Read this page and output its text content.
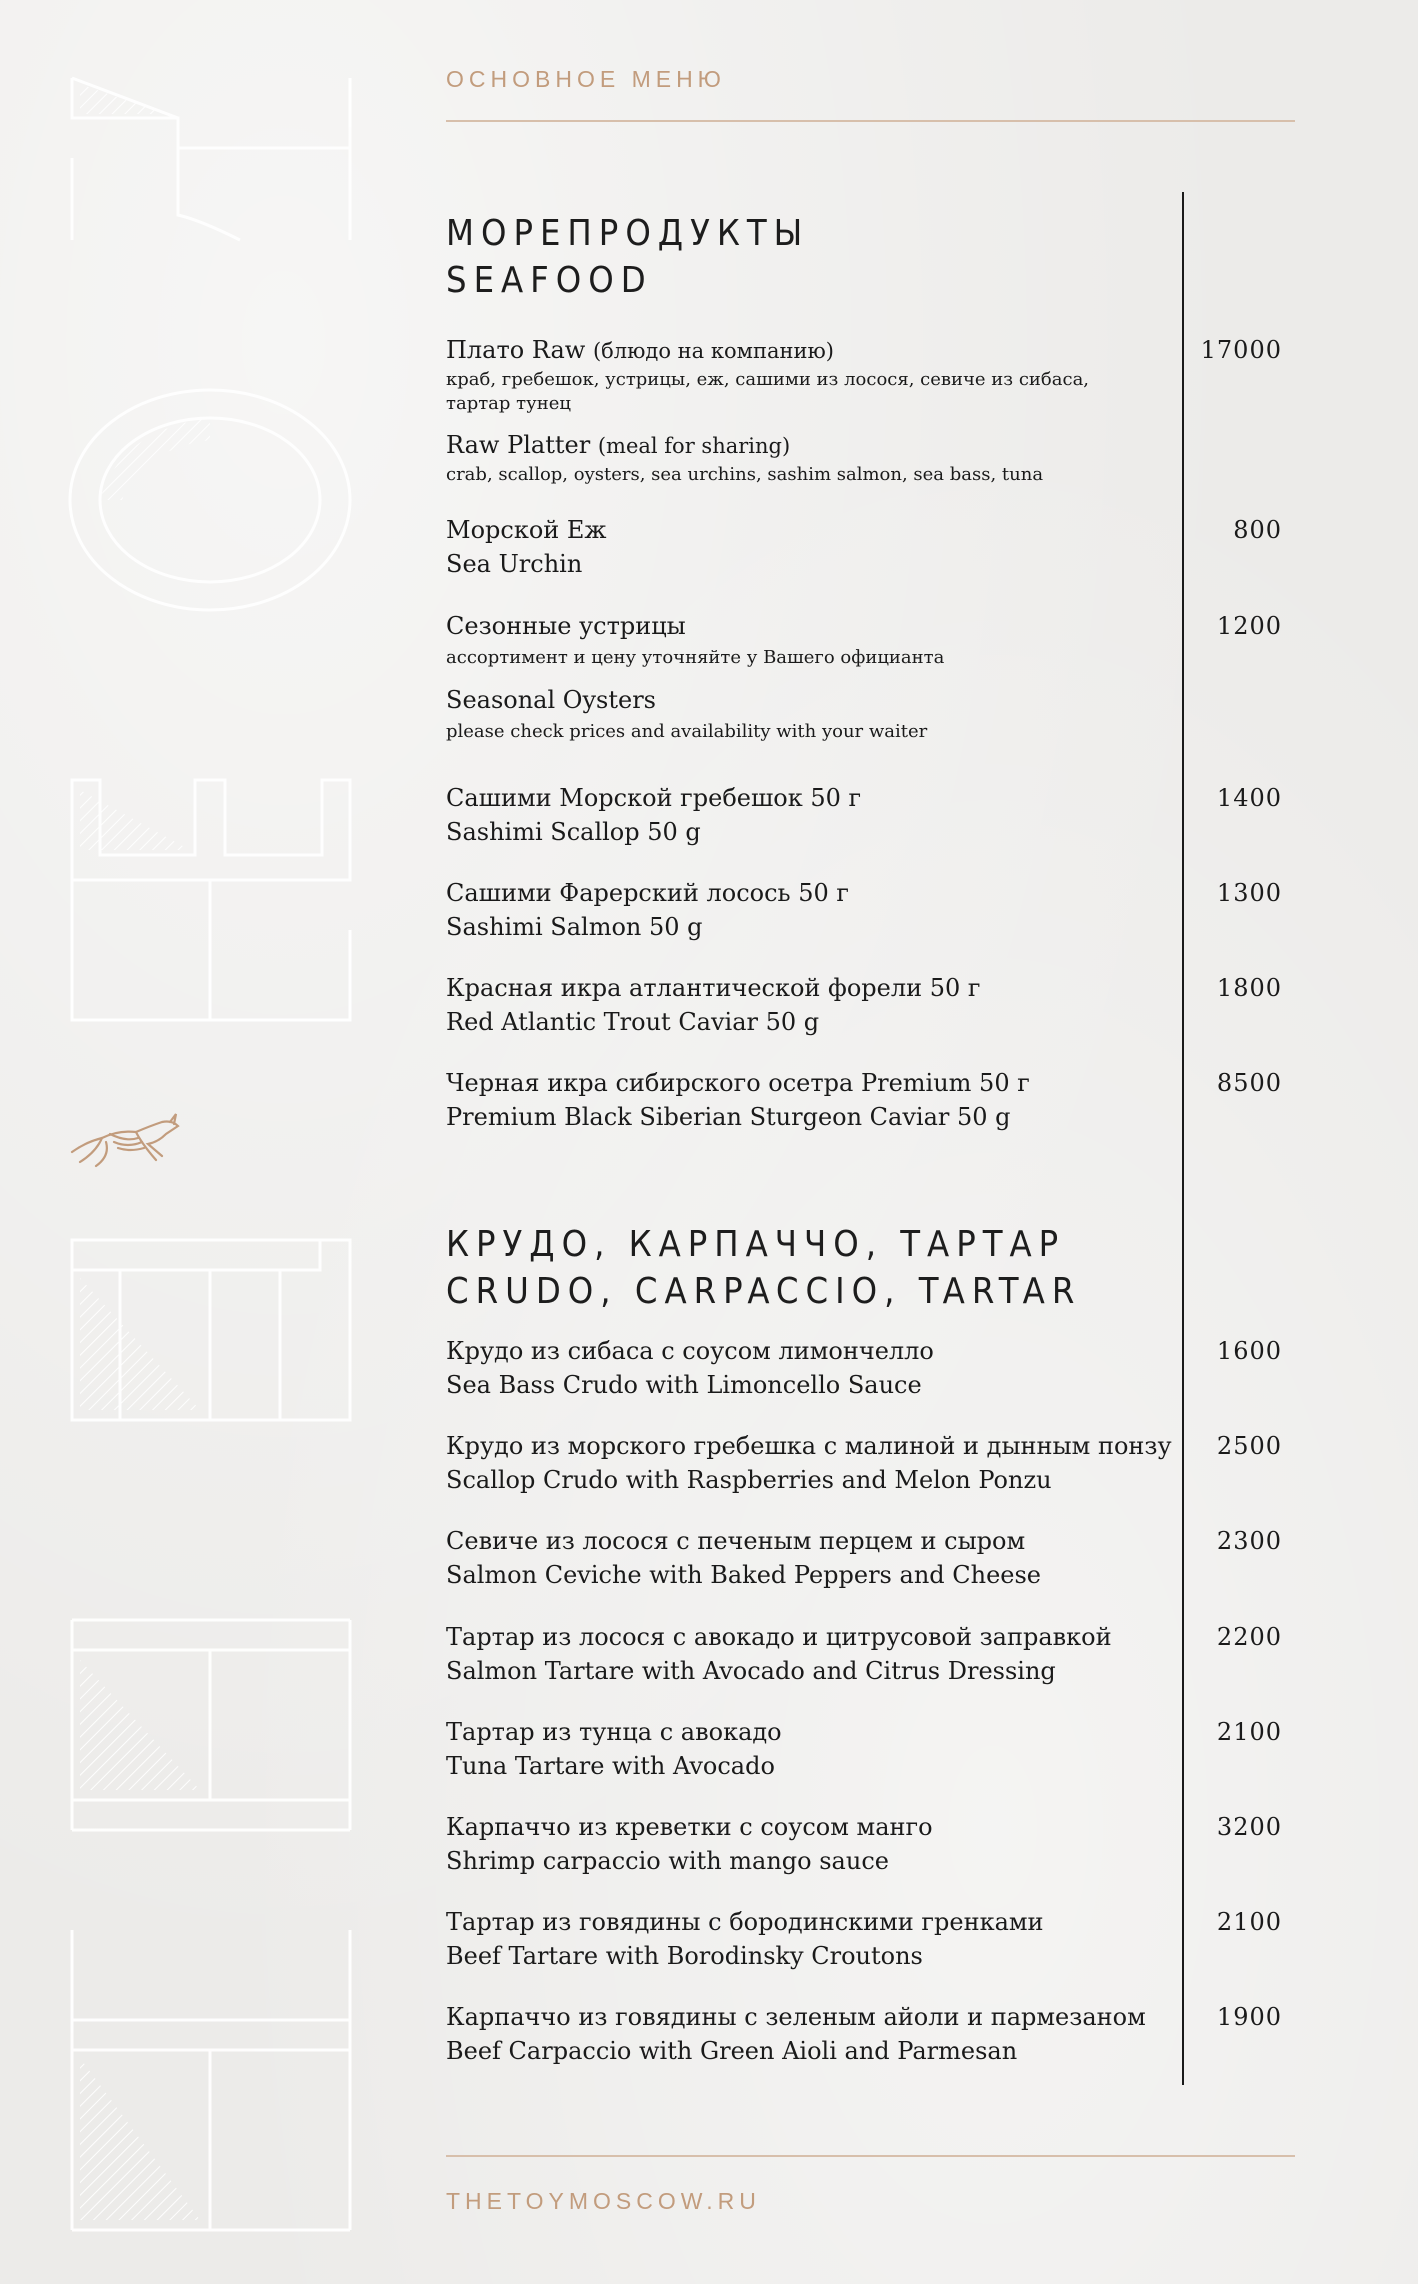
ОСНОВНОЕ МЕНЮ
МОРЕПРОДУКТЫ
SEAFOOD
Плато Raw (блюдо на компанию)
краб, гребешок, устрицы, еж, сашими из лосося, севиче из сибаса,
тартар тунец
Raw Platter (meal for sharing)
crab, scallop, oysters, sea urchins, sashim salmon, sea bass, tuna
17000
Морской Еж
Sea Urchin
800
Сезонные устрицы
ассортимент и цену уточняйте у Вашего официанта
Seasonal Oysters
please check prices and availability with your waiter
1200
Сашими Морской гребешок 50 г
Sashimi Scallop 50 g
1400
Сашими Фарерский лосось 50 г
Sashimi Salmon 50 g
1300
Красная икра атлантической форели 50 г
Red Atlantic Trout Caviar 50 g
1800
Черная икра сибирского осетра Premium 50 г
Premium Black Siberian Sturgeon Caviar 50 g
8500
КРУДО, КАРПАЧЧО, ТАРТАР
CRUDO, CARPACCIO, TARTAR
Крудо из сибаса с соусом лимончелло
Sea Bass Crudo with Limoncello Sauce
1600
Крудо из морского гребешка с малиной и дынным понзу
Scallop Crudo with Raspberries and Melon Ponzu
2500
Севиче из лосося с печеным перцем и сыром
Salmon Ceviche with Baked Peppers and Cheese
2300
Тартар из лосося с авокадо и цитрусовой заправкой
Salmon Tartare with Avocado and Citrus Dressing
2200
Тартар из тунца с авокадо
Tuna Tartare with Avocado
2100
Карпаччо из креветки с соусом манго
Shrimp carpaccio with mango sauce
3200
Тартар из говядины с бородинскими гренками
Beef Tartare with Borodinsky Croutons
2100
Карпаччо из говядины с зеленым айоли и пармезаном
Beef Carpaccio with Green Aioli and Parmesan
1900
THETOYMOSCOW.RU
